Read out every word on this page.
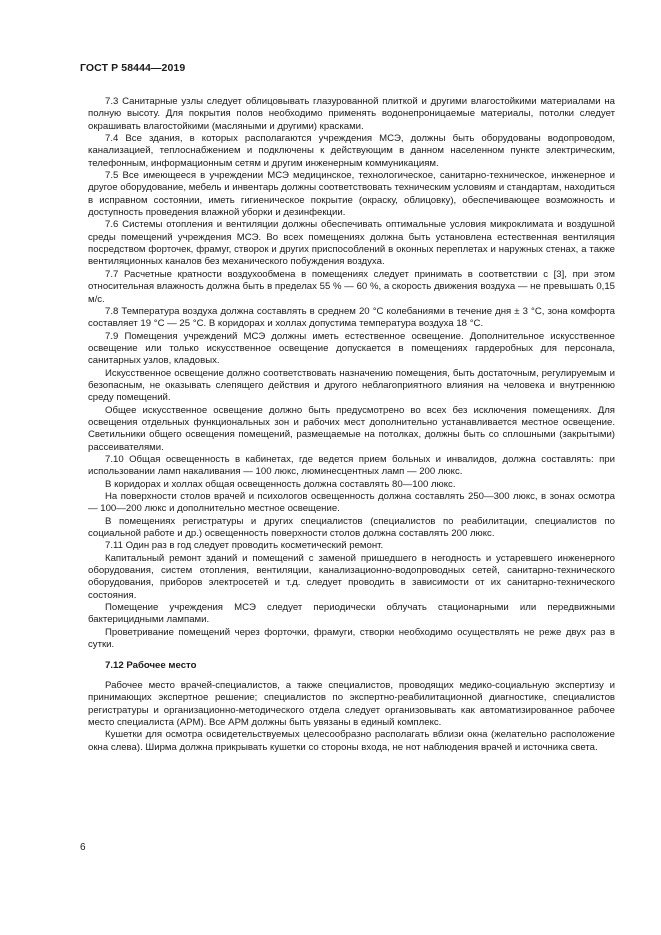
ГОСТ Р 58444—2019

7.3 Санитарные узлы следует облицовывать глазурованной плиткой и другими влагостойкими материалами на полную высоту. Для покрытия полов необходимо применять водонепроницаемые материалы, потолки следует окрашивать влагостойкими (масляными и другими) красками.

7.4 Все здания, в которых располагаются учреждения МСЭ, должны быть оборудованы водопроводом, канализацией, теплоснабжением и подключены к действующим в данном населенном пункте электрическим, телефонным, информационным сетям и другим инженерным коммуникациям.

7.5 Все имеющееся в учреждении МСЭ медицинское, технологическое, санитарно-техническое, инженерное и другое оборудование, мебель и инвентарь должны соответствовать техническим условиям и стандартам, находиться в исправном состоянии, иметь гигиеническое покрытие (окраску, облицовку), обеспечивающее возможность и доступность проведения влажной уборки и дезинфекции.

7.6 Системы отопления и вентиляции должны обеспечивать оптимальные условия микроклимата и воздушной среды помещений учреждения МСЭ. Во всех помещениях должна быть установлена естественная вентиляция посредством форточек, фрамуг, створок и других приспособлений в оконных переплетах и наружных стенах, а также вентиляционных каналов без механического побуждения воздуха.

7.7 Расчетные кратности воздухообмена в помещениях следует принимать в соответствии с [3], при этом относительная влажность должна быть в пределах 55 % — 60 %, а скорость движения воздуха — не превышать 0,15 м/с.

7.8 Температура воздуха должна составлять в среднем 20 °С колебаниями в течение дня ± 3 °С, зона комфорта составляет 19 °С — 25 °С. В коридорах и холлах допустима температура воздуха 18 °С.

7.9 Помещения учреждений МСЭ должны иметь естественное освещение. Дополнительное искусственное освещение или только искусственное освещение допускается в помещениях гардеробных для персонала, санитарных узлов, кладовых.

Искусственное освещение должно соответствовать назначению помещения, быть достаточным, регулируемым и безопасным, не оказывать слепящего действия и другого неблагоприятного влияния на человека и внутреннюю среду помещений.

Общее искусственное освещение должно быть предусмотрено во всех без исключения помещениях. Для освещения отдельных функциональных зон и рабочих мест дополнительно устанавливается местное освещение. Светильники общего освещения помещений, размещаемые на потолках, должны быть со сплошными (закрытыми) рассеивателями.

7.10 Общая освещенность в кабинетах, где ведется прием больных и инвалидов, должна составлять: при использовании ламп накаливания — 100 люкс, люминесцентных ламп — 200 люкс.

В коридорах и холлах общая освещенность должна составлять 80—100 люкс.

На поверхности столов врачей и психологов освещенность должна составлять 250—300 люкс, в зонах осмотра — 100—200 люкс и дополнительно местное освещение.

В помещениях регистратуры и других специалистов (специалистов по реабилитации, специалистов по социальной работе и др.) освещенность поверхности столов должна составлять 200 люкс.

7.11 Один раз в год следует проводить косметический ремонт.

Капитальный ремонт зданий и помещений с заменой пришедшего в негодность и устаревшего инженерного оборудования, систем отопления, вентиляции, канализационно-водопроводных сетей, санитарно-технического оборудования, приборов электросетей и т.д. следует проводить в зависимости от их санитарно-технического состояния.

Помещение учреждения МСЭ следует периодически облучать стационарными или передвижными бактерицидными лампами.

Проветривание помещений через форточки, фрамуги, створки необходимо осуществлять не реже двух раз в сутки.

7.12 Рабочее место

Рабочее место врачей-специалистов, а также специалистов, проводящих медико-социальную экспертизу и принимающих экспертное решение; специалистов по экспертно-реабилитационной диагностике, специалистов регистратуры и организационно-методического отдела следует организовывать как автоматизированное рабочее место специалиста (АРМ). Все АРМ должны быть увязаны в единый комплекс.

Кушетки для осмотра освидетельствуемых целесообразно располагать вблизи окна (желательно расположение окна слева). Ширма должна прикрывать кушетки со стороны входа, не нот наблюдения врачей и источника света.

6
